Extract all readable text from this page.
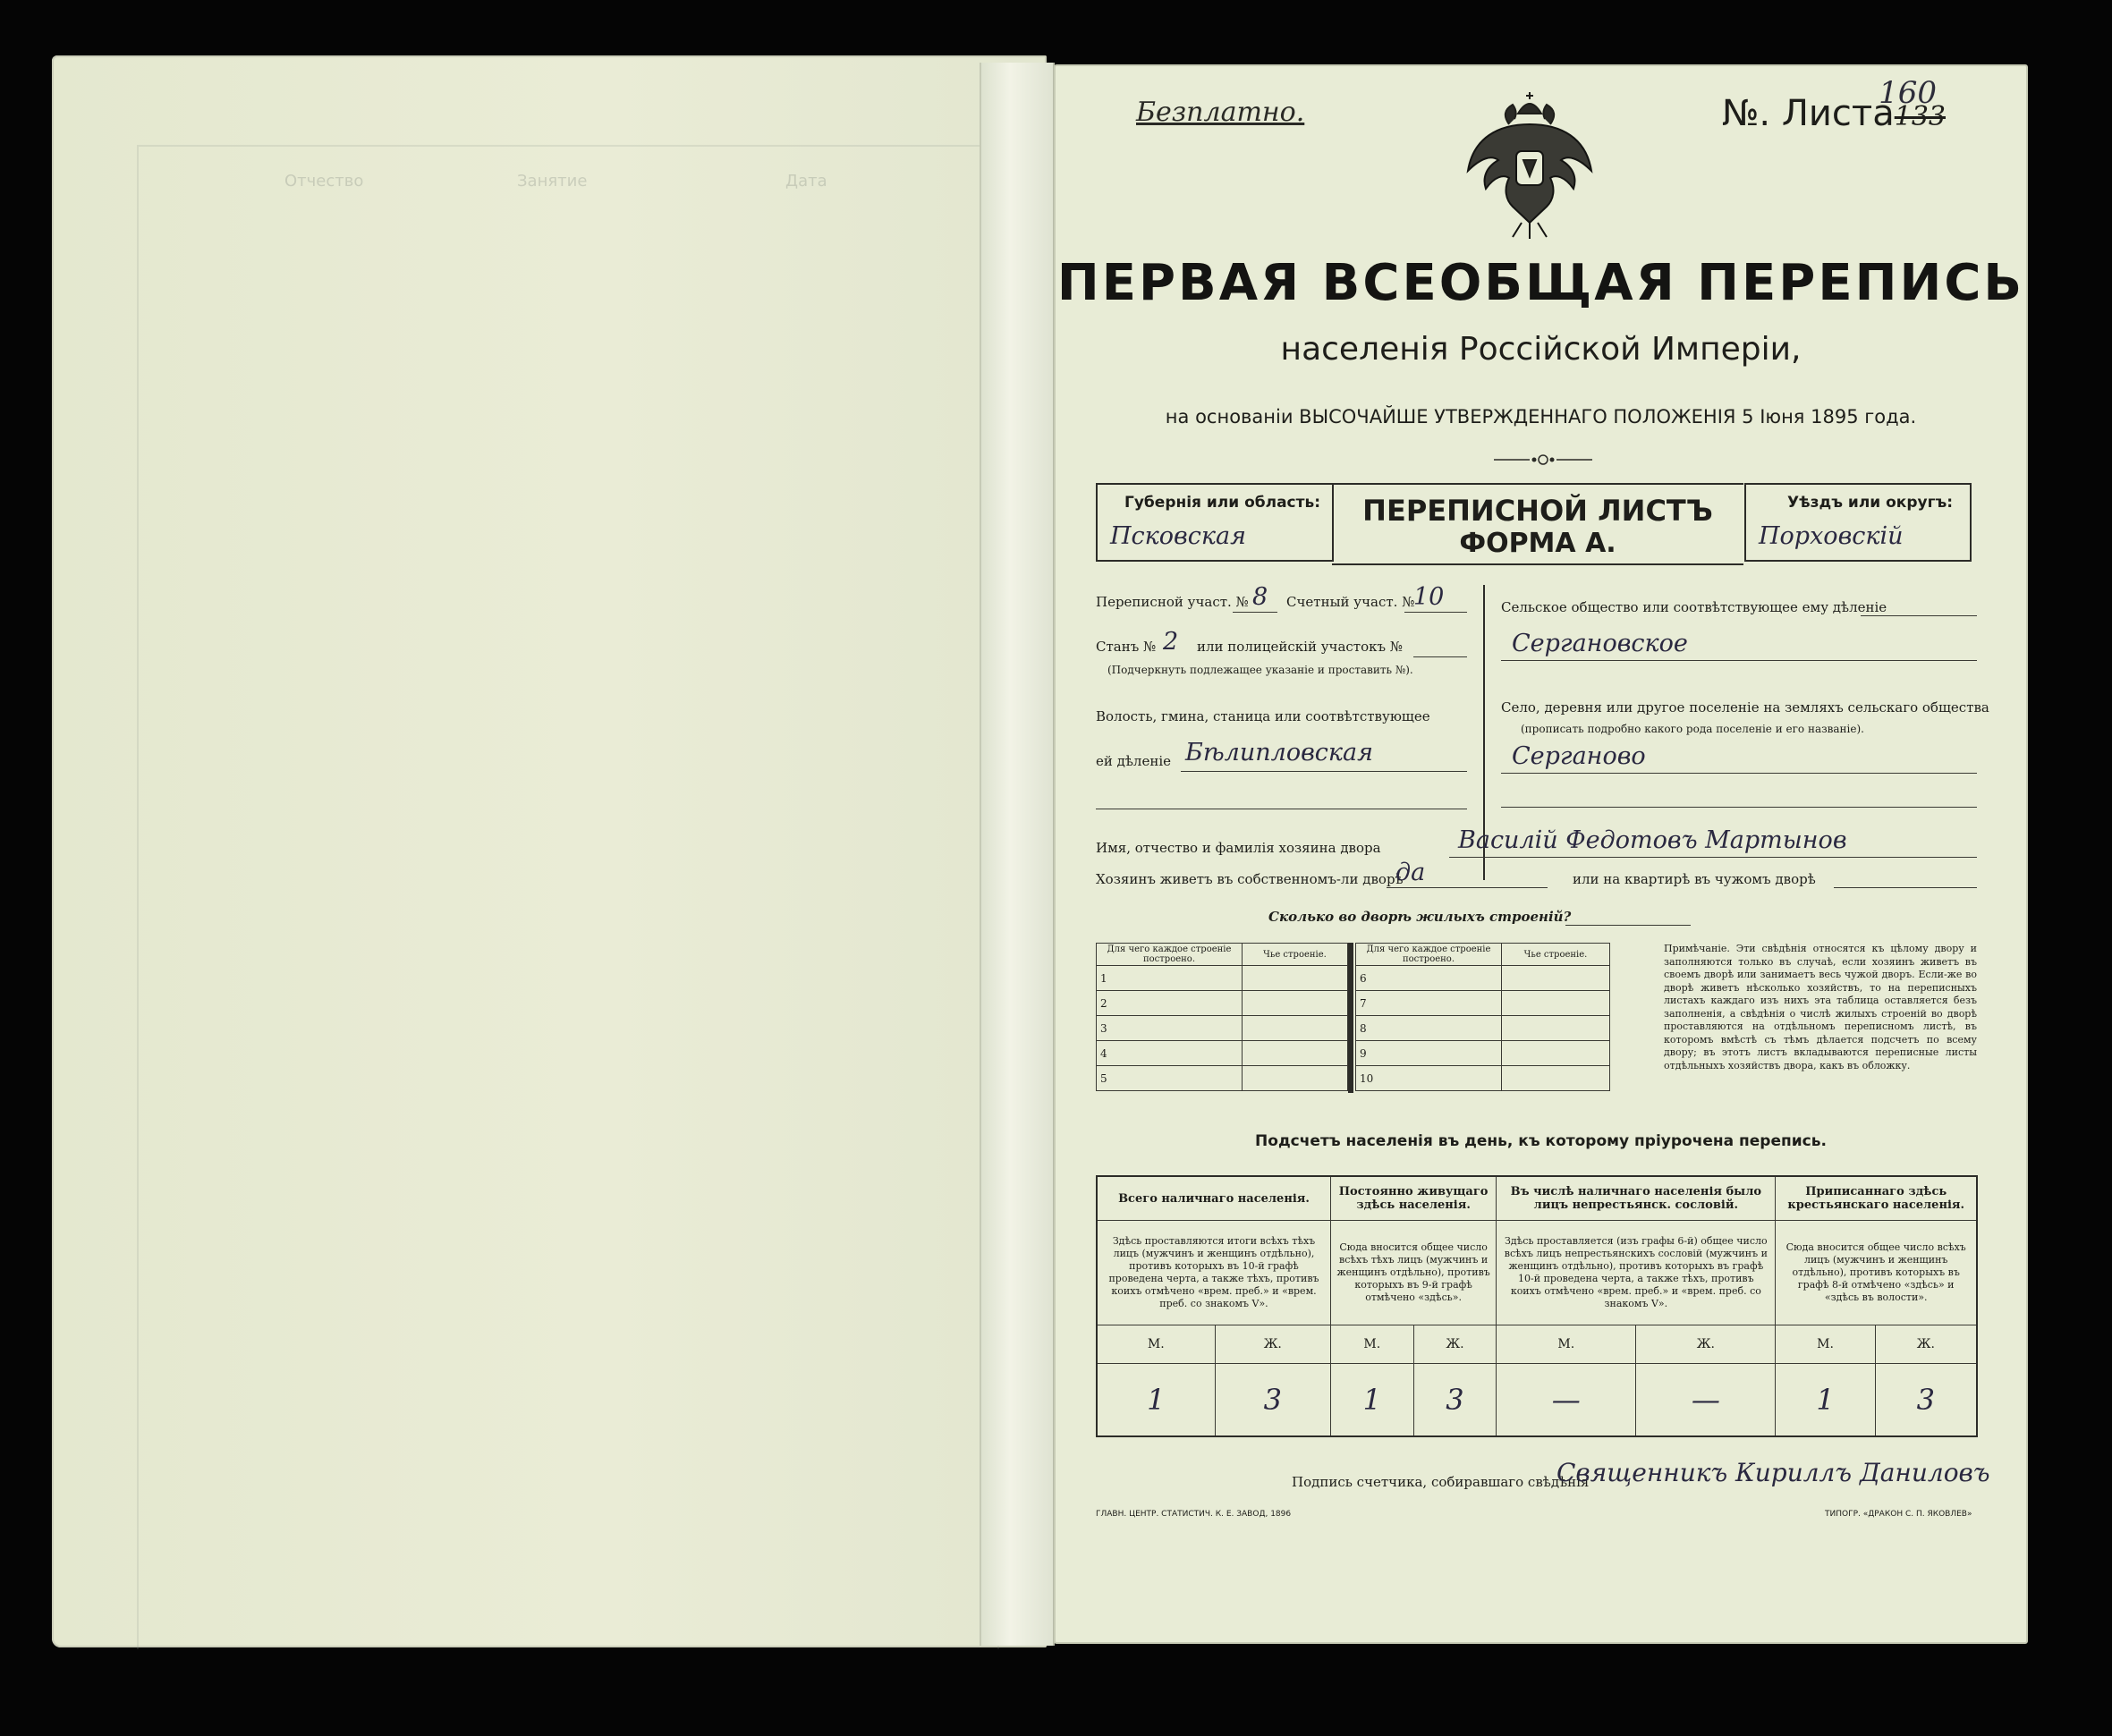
Отчество	Занятие	Дата
Безплатно.	№. Листа133
160
ПЕРВАЯ ВСЕОБЩАЯ ПЕРЕПИСЬ
населенія Россійской Имперіи,
на основаніи ВЫСОЧАЙШЕ УТВЕРЖДЕННАГО ПОЛОЖЕНІЯ 5 Іюня 1895 года.
Губернія или область:
Псковская
ПЕРЕПИСНОЙ ЛИСТЪ
ФОРМА А.
Уѣздъ или округъ:
Порховскій
Переписной участ. № 8 Счетный участ. №
10
Станъ № 2 или полицейскій участокъ №
(Подчеркнуть подлежащее указаніе и проставить №).
Волость, гмина, станица или соотвѣтствующее
ей дѣленіе Бѣлипловская
Сельское общество или соотвѣтствующее ему дѣленіе
Сергановское
Село, деревня или другое поселеніе на земляхъ сельскаго общества
(прописать подробно какого рода поселеніе и его названіе).
Серганово
Имя, отчество и фамилія хозяина двора	Василій Федотовъ Мартынов
Хозяинъ живетъ въ собственномъ-ли дворѣ
да	или на квартирѣ въ чужомъ дворѣ
Сколько во дворѣ жилыхъ строеній?
Для чего каждое строеніе построено.	Чье строеніе.
1	
2	
3	
4	
5	
Для чего каждое строеніе построено.	Чье строеніе.
6	
7	
8	
9	
10	
Примѣчаніе. Эти свѣдѣнія относятся къ цѣлому двору и заполняются только въ случаѣ, если хозяинъ живетъ въ своемъ дворѣ или занимаетъ весь чужой дворъ. Если-же во дворѣ живетъ нѣсколько хозяйствъ, то на переписныхъ листахъ каждаго изъ нихъ эта таблица оставляется безъ заполненія, а свѣдѣнія о числѣ жилыхъ строеній во дворѣ проставляются на отдѣльномъ переписномъ листѣ, въ которомъ вмѣстѣ съ тѣмъ дѣлается подсчетъ по всему двору; въ этотъ листъ вкладываются переписные листы отдѣльныхъ хозяйствъ двора, какъ въ обложку.
Подсчетъ населенія въ день, къ которому пріурочена перепись.
Всего наличнаго населенія.		Постоянно живущаго здѣсь населенія.		Въ числѣ наличнаго населенія было лицъ непрестьянск. сословій.		Приписаннаго здѣсь крестьянскаго населенія.	
Здѣсь проставляются итоги всѣхъ тѣхъ лицъ (мужчинъ и женщинъ отдѣльно), противъ которыхъ въ 10-й графѣ проведена черта, а также тѣхъ, противъ коихъ отмѣчено «врем. преб.» и «врем. преб. со знакомъ V».		Сюда вносится общее число всѣхъ тѣхъ лицъ (мужчинъ и женщинъ отдѣльно), противъ которыхъ въ 9-й графѣ отмѣчено «здѣсь».		Здѣсь проставляется (изъ графы 6-й) общее число всѣхъ лицъ непрестьянскихъ сословій (мужчинъ и женщинъ отдѣльно), противъ которыхъ въ графѣ 10-й проведена черта, а также тѣхъ, противъ коихъ отмѣчено «врем. преб.» и «врем. преб. со знакомъ V».		Сюда вносится общее число всѣхъ лицъ (мужчинъ и женщинъ отдѣльно), противъ которыхъ въ графѣ 8-й отмѣчено «здѣсь» и «здѣсь въ волости».	
М.	Ж.	М.	Ж.	М.	Ж.	М.	Ж.
1	3	1	3	—	—	1	3
Подпись счетчика, собиравшаго свѣдѣнія
Священникъ Кириллъ Даниловъ
ГЛАВН. ЦЕНТР. СТАТИСТИЧ. К. Е. ЗАВОД, 1896	ТИПОГР. «ДРАКОН С. П. ЯКОВЛЕВ»
